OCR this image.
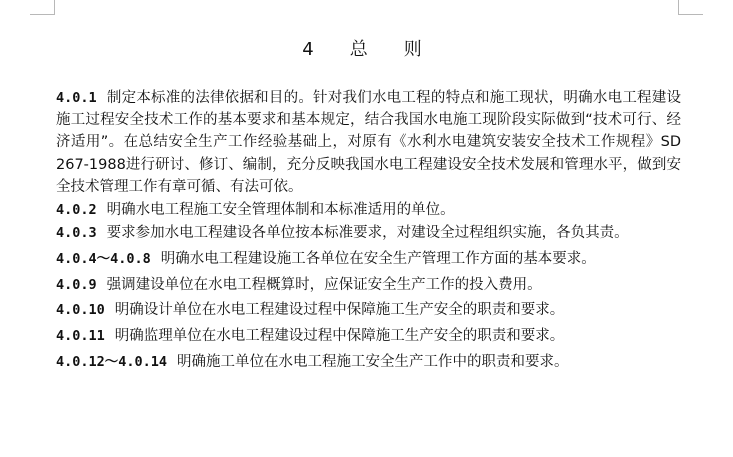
4　总　则

4.0.1 制定本标准的法律依据和目的。针对我们水电工程的特点和施工现状，明确水电工程建设施工过程安全技术工作的基本要求和基本规定，结合我国水电施工现阶段实际做到“技术可行、经济适用”。在总结安全生产工作经验基础上，对原有《水利水电建筑安装安全技术工作规程》SD 267-1988进行研讨、修订、编制，充分反映我国水电工程建设安全技术发展和管理水平，做到安全技术管理工作有章可循、有法可依。

4.0.2 明确水电工程施工安全管理体制和本标准适用的单位。

4.0.3 要求参加水电工程建设各单位按本标准要求，对建设全过程组织实施，各负其责。

4.0.4～4.0.8 明确水电工程建设施工各单位在安全生产管理工作方面的基本要求。

4.0.9 强调建设单位在水电工程概算时，应保证安全生产工作的投入费用。

4.0.10 明确设计单位在水电工程建设过程中保障施工生产安全的职责和要求。

4.0.11 明确监理单位在水电工程建设过程中保障施工生产安全的职责和要求。

4.0.12～4.0.14 明确施工单位在水电工程施工安全生产工作中的职责和要求。
